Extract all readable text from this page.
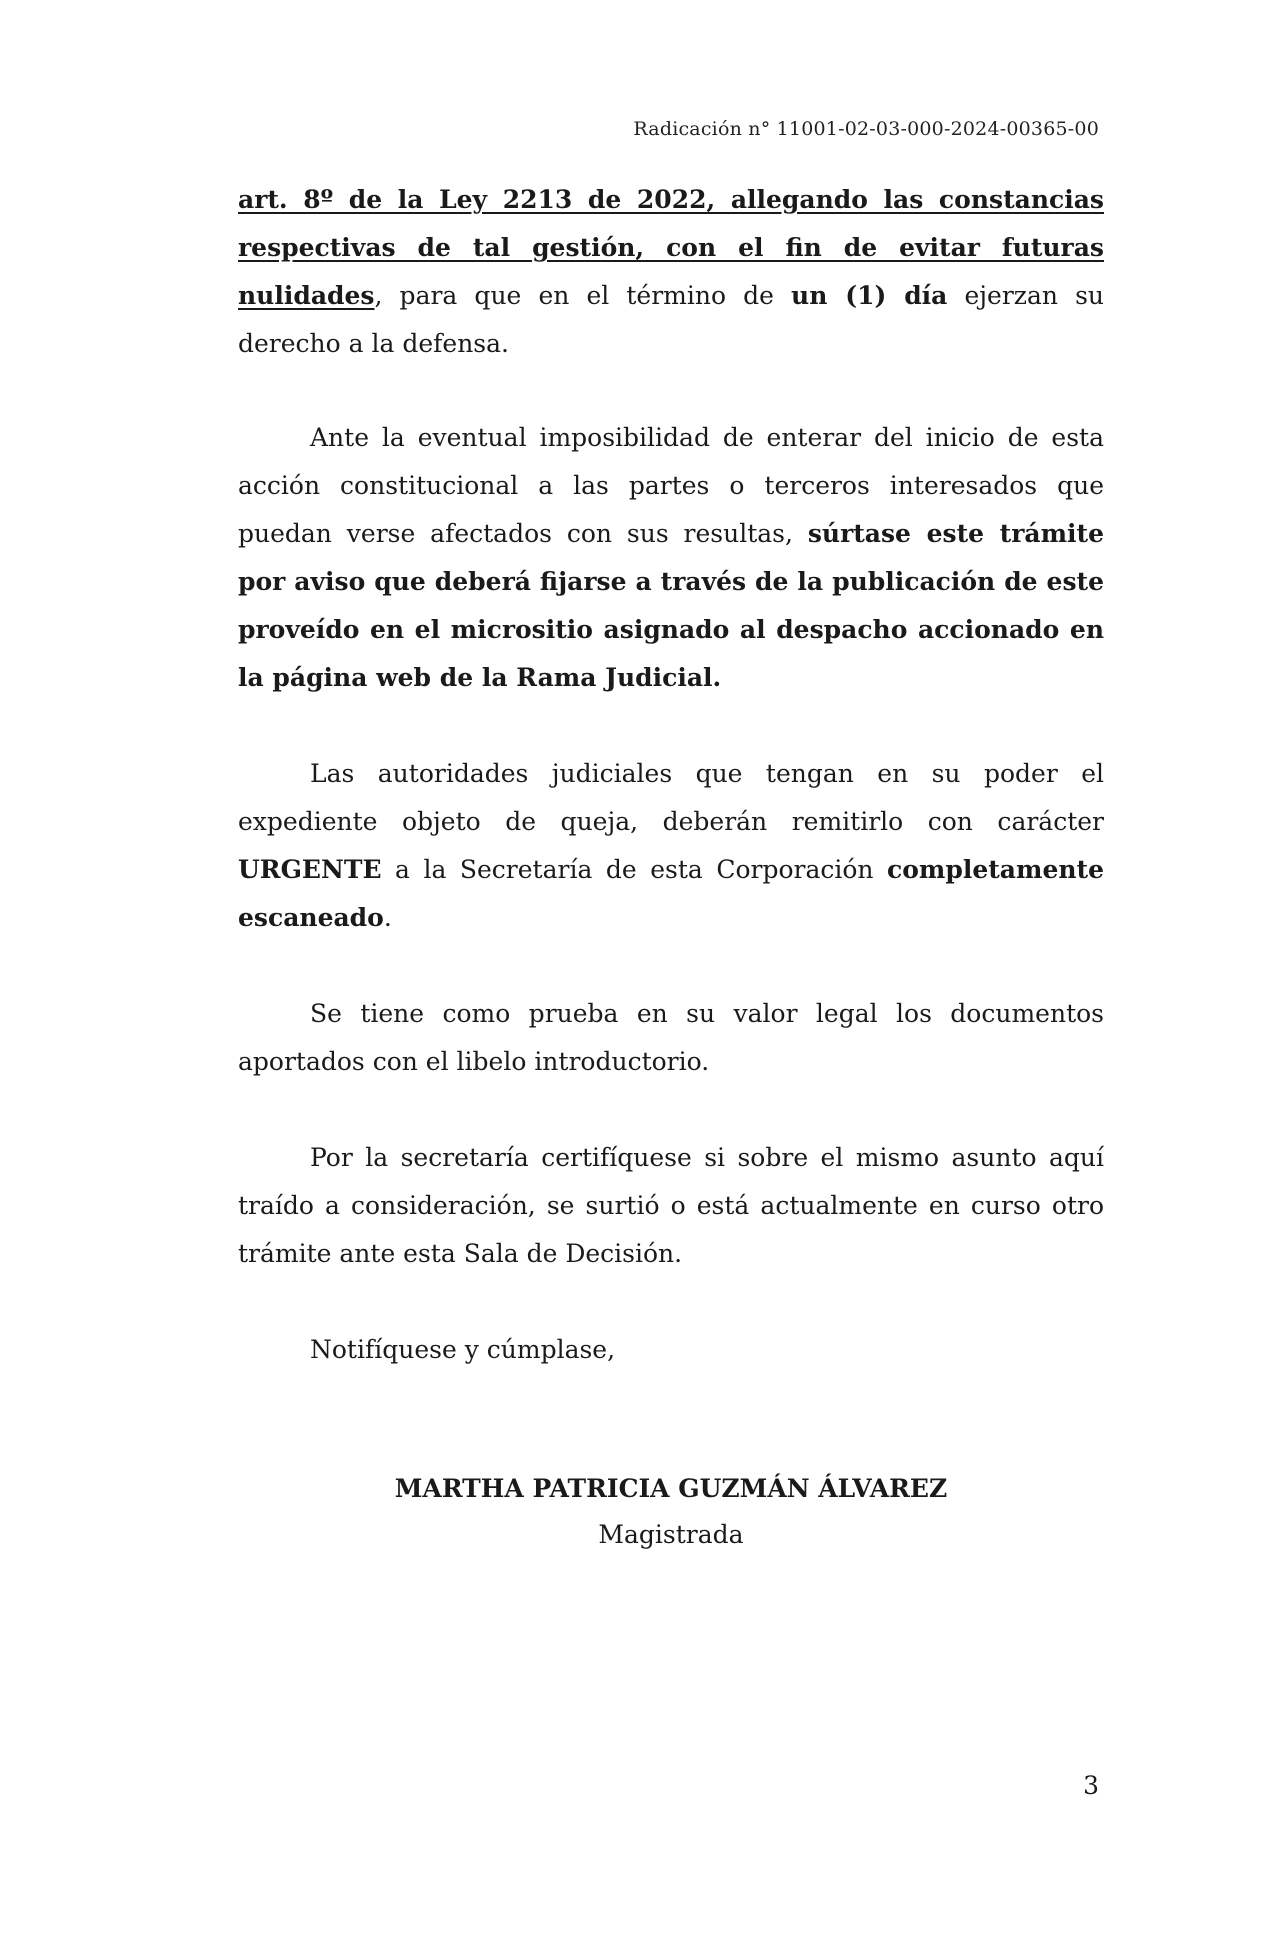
Radicación n° 11001-02-03-000-2024-00365-00

art. 8º de la Ley 2213 de 2022, allegando las constancias respectivas de tal gestión, con el fin de evitar futuras nulidades, para que en el término de un (1) día ejerzan su derecho a la defensa.

Ante la eventual imposibilidad de enterar del inicio de esta acción constitucional a las partes o terceros interesados que puedan verse afectados con sus resultas, súrtase este trámite por aviso que deberá fijarse a través de la publicación de este proveído en el micrositio asignado al despacho accionado en la página web de la Rama Judicial.

Las autoridades judiciales que tengan en su poder el expediente objeto de queja, deberán remitirlo con carácter URGENTE a la Secretaría de esta Corporación completamente escaneado.

Se tiene como prueba en su valor legal los documentos aportados con el libelo introductorio.

Por la secretaría certifíquese si sobre el mismo asunto aquí traído a consideración, se surtió o está actualmente en curso otro trámite ante esta Sala de Decisión.

Notifíquese y cúmplase,

MARTHA PATRICIA GUZMÁN ÁLVAREZ
Magistrada
3
